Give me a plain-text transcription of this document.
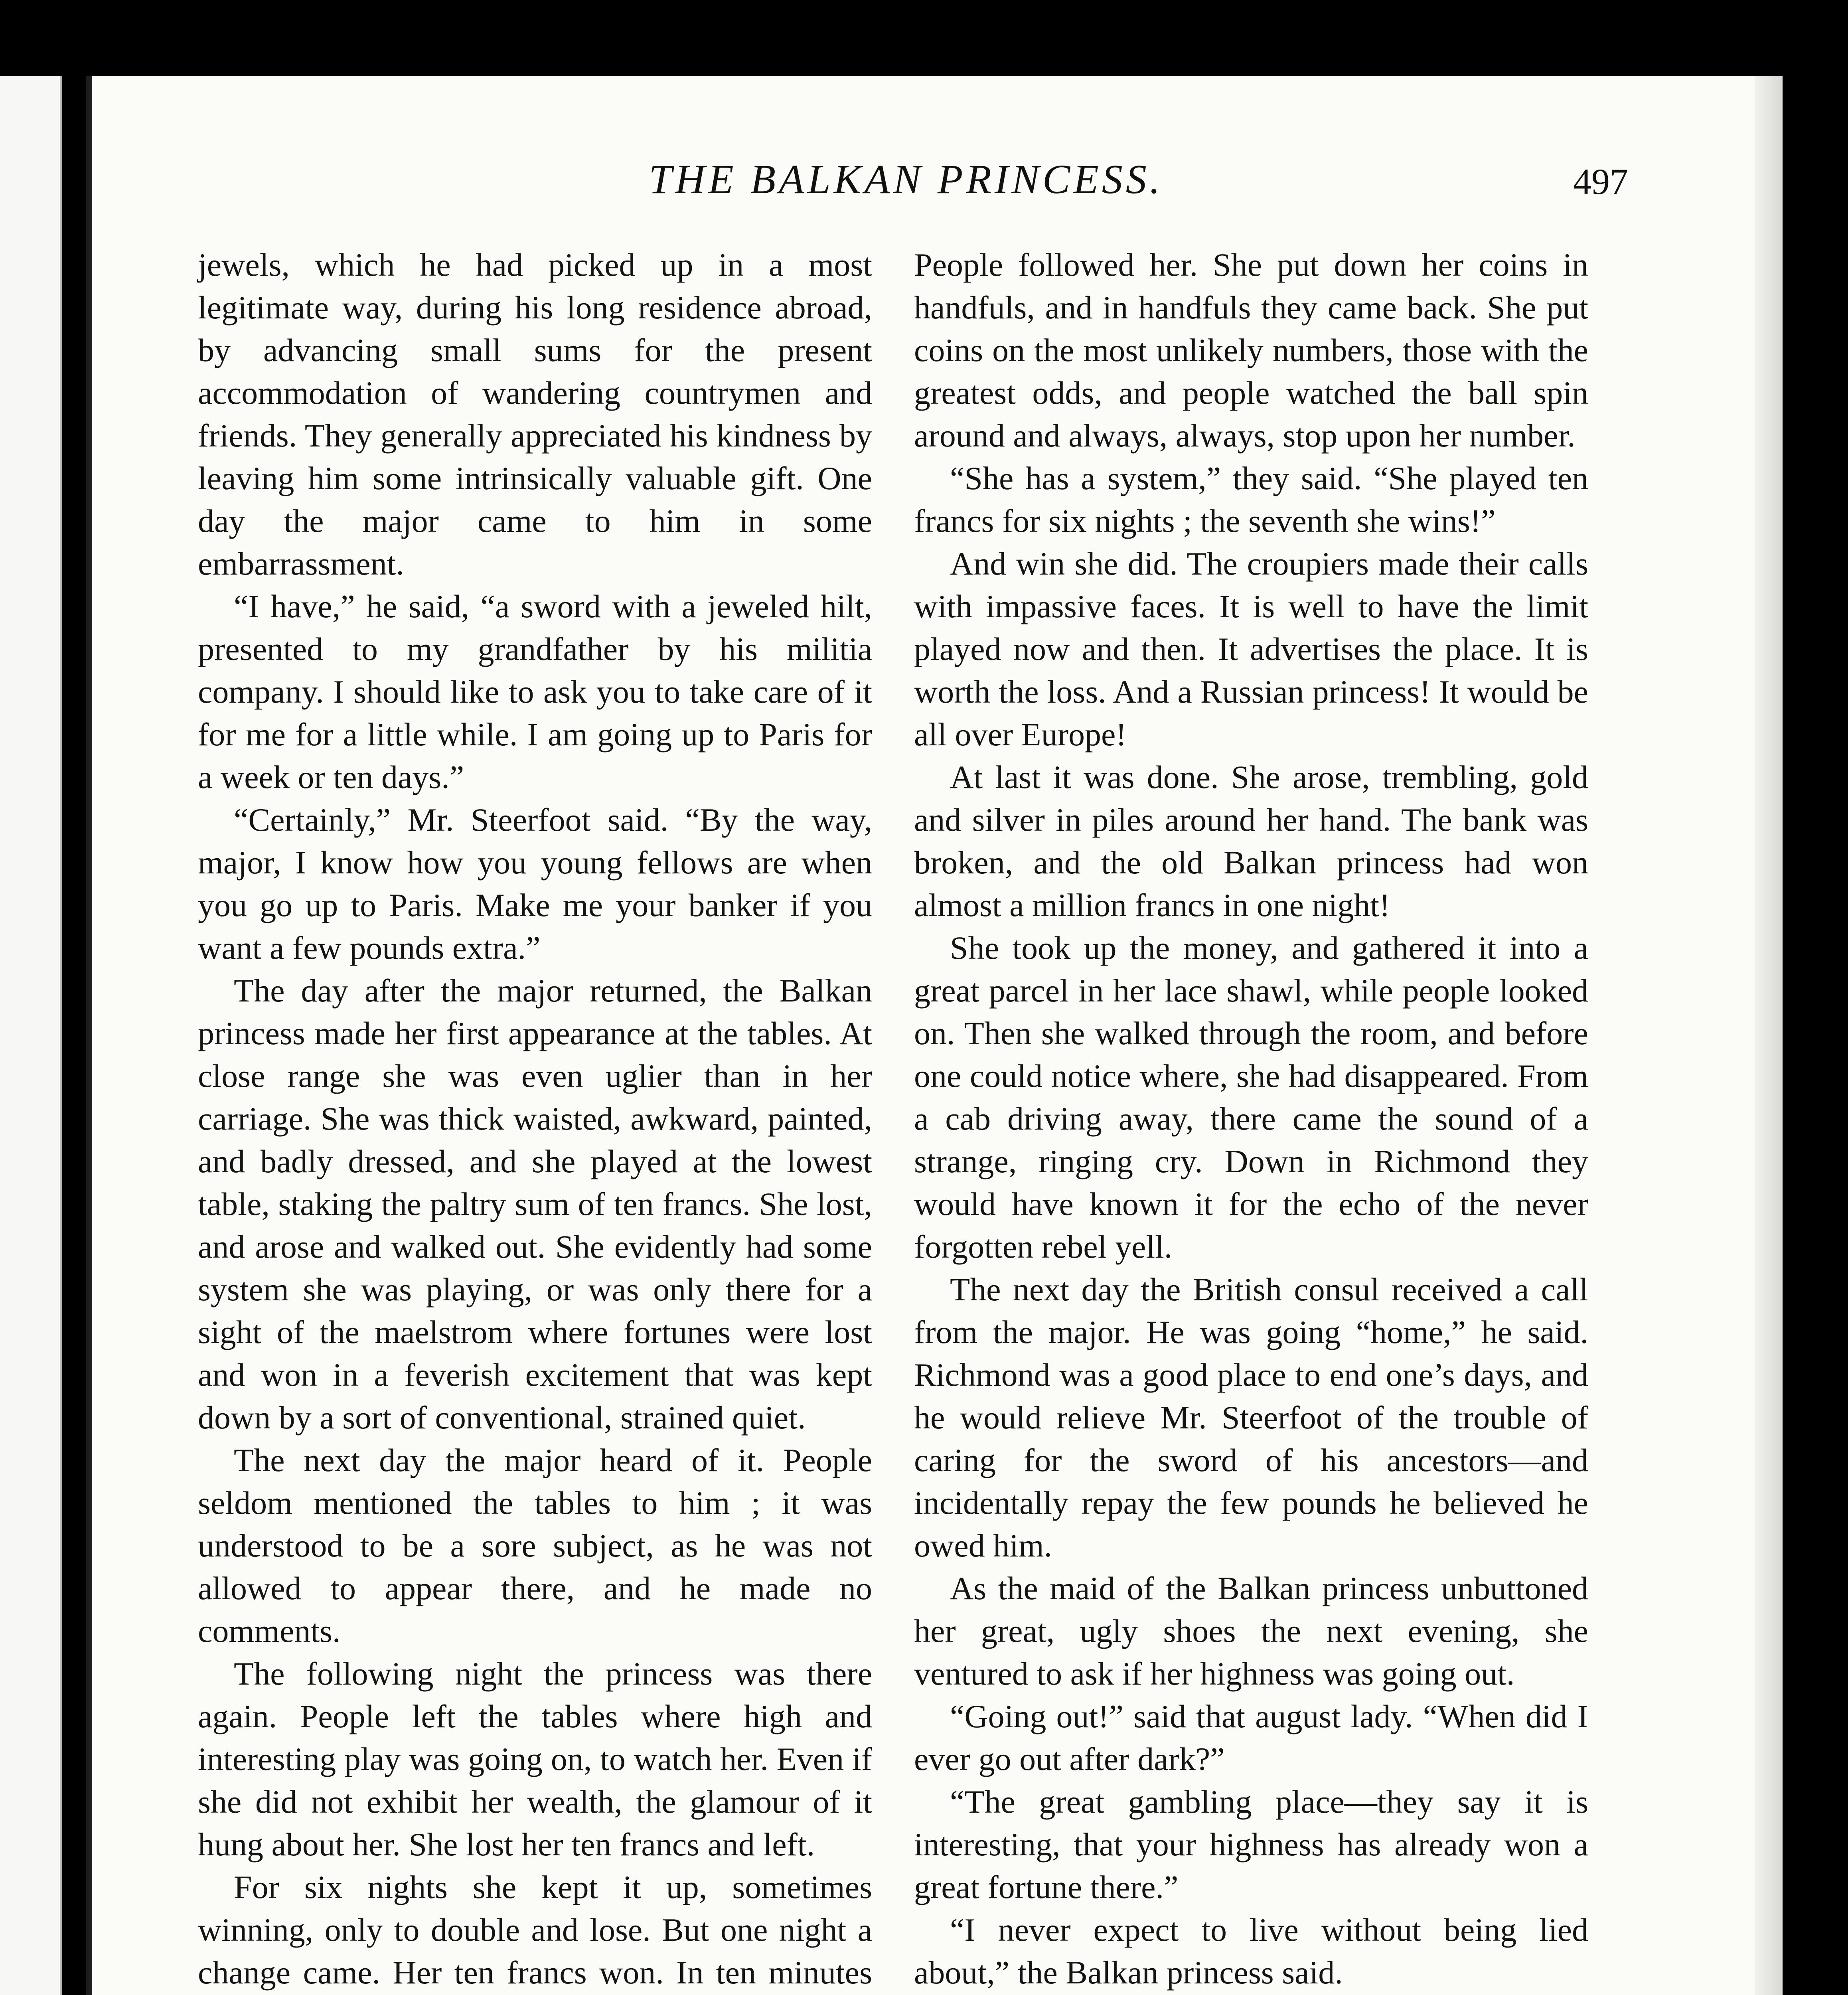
THE BALKAN PRINCESS.	497

jewels, which he had picked up in a most legitimate way, during his long residence abroad, by advancing small sums for the present accommodation of wandering countrymen and friends. They generally appreciated his kindness by leaving him some intrinsically valuable gift. One day the major came to him in some embarrassment.

“I have,” he said, “a sword with a jeweled hilt, presented to my grandfather by his militia company. I should like to ask you to take care of it for me for a little while. I am going up to Paris for a week or ten days.”

“Certainly,” Mr. Steerfoot said. “By the way, major, I know how you young fellows are when you go up to Paris. Make me your banker if you want a few pounds extra.”

The day after the major returned, the Balkan princess made her first appearance at the tables. At close range she was even uglier than in her carriage. She was thick waisted, awkward, painted, and badly dressed, and she played at the lowest table, staking the paltry sum of ten francs. She lost, and arose and walked out. She evidently had some system she was playing, or was only there for a sight of the maelstrom where fortunes were lost and won in a feverish excitement that was kept down by a sort of conventional, strained quiet.

The next day the major heard of it. People seldom mentioned the tables to him ; it was understood to be a sore subject, as he was not allowed to appear there, and he made no comments.

The following night the princess was there again. People left the tables where high and interesting play was going on, to watch her. Even if she did not exhibit her wealth, the glamour of it hung about her. She lost her ten francs and left.

For six nights she kept it up, sometimes winning, only to double and lose. But one night a change came. Her ten francs won. In ten minutes

People followed her. She put down her coins in handfuls, and in handfuls they came back. She put coins on the most unlikely numbers, those with the greatest odds, and people watched the ball spin around and always, always, stop upon her number.

“She has a system,” they said. “She played ten francs for six nights ; the seventh she wins!”

And win she did. The croupiers made their calls with impassive faces. It is well to have the limit played now and then. It advertises the place. It is worth the loss. And a Russian princess! It would be all over Europe!

At last it was done. She arose, trembling, gold and silver in piles around her hand. The bank was broken, and the old Balkan princess had won almost a million francs in one night!

She took up the money, and gathered it into a great parcel in her lace shawl, while people looked on. Then she walked through the room, and before one could notice where, she had disappeared. From a cab driving away, there came the sound of a strange, ringing cry. Down in Richmond they would have known it for the echo of the never forgotten rebel yell.

The next day the British consul received a call from the major. He was going “home,” he said. Richmond was a good place to end one’s days, and he would relieve Mr. Steerfoot of the trouble of caring for the sword of his ancestors—and incidentally repay the few pounds he believed he owed him.

As the maid of the Balkan princess unbuttoned her great, ugly shoes the next evening, she ventured to ask if her highness was going out.

“Going out!” said that august lady. “When did I ever go out after dark?”

“The great gambling place—they say it is interesting, that your highness has already won a great fortune there.”

“I never expect to live without being lied about,” the Balkan princess said.
